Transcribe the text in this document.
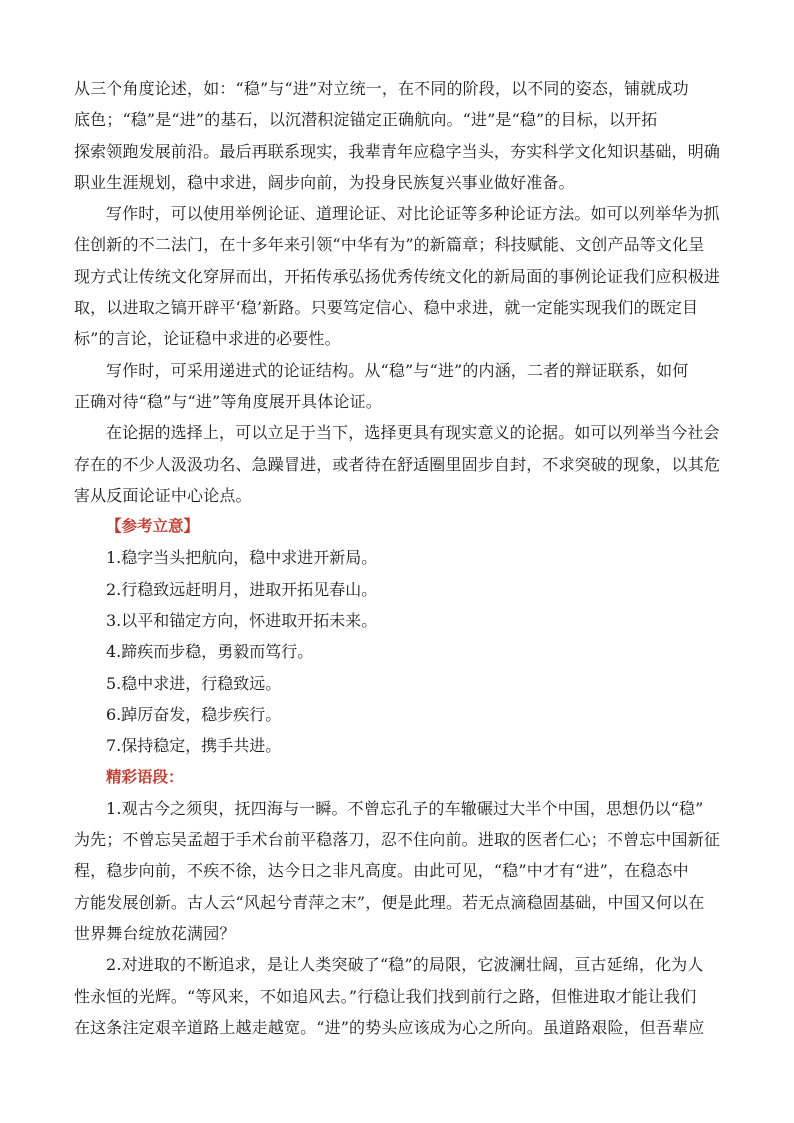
从三个角度论述，如：“稳”与“进”对立统一，在不同的阶段，以不同的姿态，铺就成功

底色；“稳”是“进”的基石，以沉潜积淀锚定正确航向。“进”是“稳”的目标，以开拓

探索领跑发展前沿。最后再联系现实，我辈青年应稳字当头，夯实科学文化知识基础，明确

职业生涯规划，稳中求进，阔步向前，为投身民族复兴事业做好准备。

写作时，可以使用举例论证、道理论证、对比论证等多种论证方法。如可以列举华为抓

住创新的不二法门，在十多年来引领“中华有为”的新篇章；科技赋能、文创产品等文化呈

现方式让传统文化穿屏而出，开拓传承弘扬优秀传统文化的新局面的事例论证我们应积极进

取，以进取之镐开辟平‘稳’新路。只要笃定信心、稳中求进，就一定能实现我们的既定目

标”的言论，论证稳中求进的必要性。

写作时，可采用递进式的论证结构。从“稳”与“进”的内涵，二者的辩证联系，如何

正确对待“稳”与“进”等角度展开具体论证。

在论据的选择上，可以立足于当下，选择更具有现实意义的论据。如可以列举当今社会

存在的不少人汲汲功名、急躁冒进，或者待在舒适圈里固步自封，不求突破的现象，以其危

害从反面论证中心论点。

【参考立意】

1.稳字当头把航向，稳中求进开新局。

2.行稳致远赶明月，进取开拓见春山。

3.以平和锚定方向，怀进取开拓未来。

4.蹄疾而步稳，勇毅而笃行。

5.稳中求进，行稳致远。

6.踔厉奋发，稳步疾行。

7.保持稳定，携手共进。

精彩语段：

1.观古今之须臾，抚四海与一瞬。不曾忘孔子的车辙碾过大半个中国，思想仍以“稳”

为先；不曾忘吴孟超于手术台前平稳落刀，忍不住向前。进取的医者仁心；不曾忘中国新征

程，稳步向前，不疾不徐，达今日之非凡高度。由此可见，“稳”中才有“进”，在稳态中

方能发展创新。古人云“风起兮青萍之末”，便是此理。若无点滴稳固基础，中国又何以在

世界舞台绽放花满园？

2.对进取的不断追求，是让人类突破了“稳”的局限，它波澜壮阔，亘古延绵，化为人

性永恒的光辉。“等风来，不如追风去。”行稳让我们找到前行之路，但惟进取才能让我们

在这条注定艰辛道路上越走越宽。“进”的势头应该成为心之所向。虽道路艰险，但吾辈应
